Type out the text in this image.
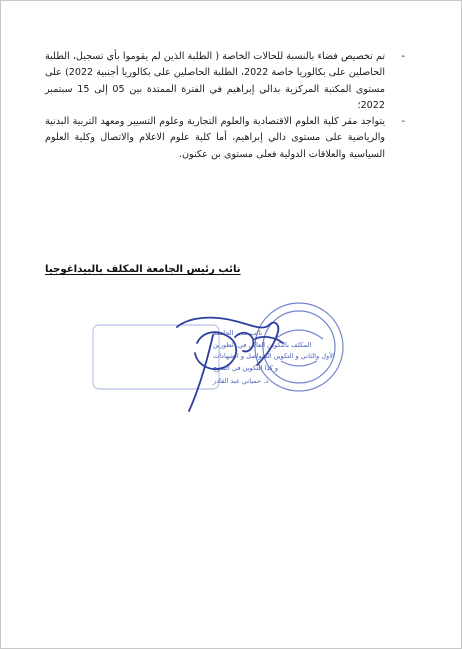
-
تم تخصيص فضاء بالنسبة للحالات الخاصة ( الطلبة الذين لم يقوموا بأي تسجيل، الطلبة الحاصلين على بكالوريا خاصة 2022، الطلبة الحاصلين على بكالوريا أجنبية 2022) على مستوى المكتبة المركزية بدالي إبراهيم في الفترة الممتدة بين 05 إلى 15 سبتمبر 2022؛

-
يتواجد مقر كلية العلوم الاقتصادية والعلوم التجارية وعلوم التسيير ومعهد التربية البدنية والرياضية على مستوى دالي إبراهيم، أما كلية علوم الاعلام والاتصال وكلية العلوم السياسية والعلاقات الدولية فعلى مستوى بن عكنون.

نائب رئيس الجامعة المكلف بالبيداغوجيا
نائب مدير الجامعة
المكلف بالتكوين العالي في الطورين
الأول والثاني و التكوين المتواصل و الشهادات
و كذا التكوين في التدرج
د. حمياني عبد القادر
